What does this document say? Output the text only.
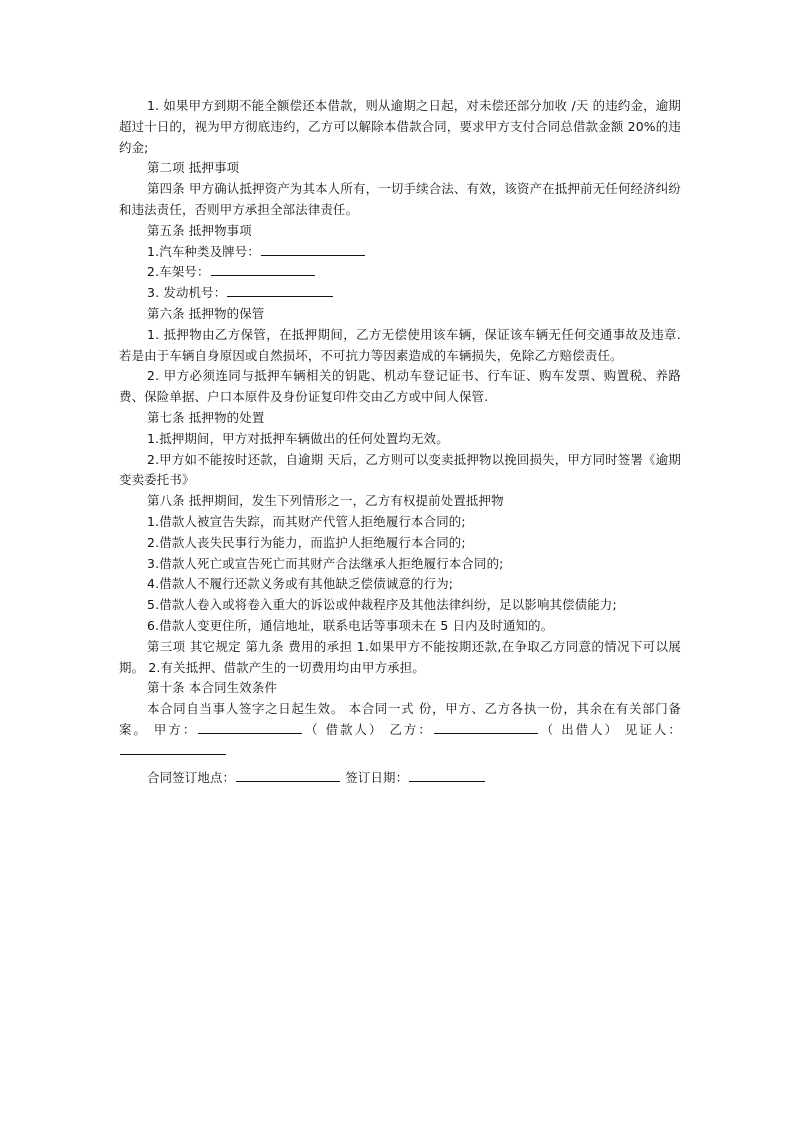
1. 如果甲方到期不能全额偿还本借款，则从逾期之日起，对未偿还部分加收 /天 的违约金，逾期超过十日的，视为甲方彻底违约，乙方可以解除本借款合同，要求甲方支付合同总借款金额 20%的违约金;

第二项 抵押事项

第四条 甲方确认抵押资产为其本人所有，一切手续合法、有效，该资产在抵押前无任何经济纠纷和违法责任，否则甲方承担全部法律责任。

第五条 抵押物事项

1.汽车种类及牌号：

2.车架号：

3. 发动机号：

第六条 抵押物的保管

1. 抵押物由乙方保管，在抵押期间，乙方无偿使用该车辆，保证该车辆无任何交通事故及违章.若是由于车辆自身原因或自然损坏，不可抗力等因素造成的车辆损失，免除乙方赔偿责任。

2. 甲方必须连同与抵押车辆相关的钥匙、机动车登记证书、行车证、购车发票、购置税、养路费、保险单据、户口本原件及身份证复印件交由乙方或中间人保管.

第七条 抵押物的处置

1.抵押期间，甲方对抵押车辆做出的任何处置均无效。

2.甲方如不能按时还款，自逾期 天后，乙方则可以变卖抵押物以挽回损失，甲方同时签署《逾期变卖委托书》

第八条 抵押期间，发生下列情形之一，乙方有权提前处置抵押物

1.借款人被宣告失踪，而其财产代管人拒绝履行本合同的;

2.借款人丧失民事行为能力，而监护人拒绝履行本合同的;

3.借款人死亡或宣告死亡而其财产合法继承人拒绝履行本合同的;

4.借款人不履行还款义务或有其他缺乏偿债诚意的行为;

5.借款人卷入或将卷入重大的诉讼或仲裁程序及其他法律纠纷，足以影响其偿债能力;

6.借款人变更住所，通信地址，联系电话等事项未在 5 日内及时通知的。

第三项 其它规定 第九条 费用的承担 1.如果甲方不能按期还款,在争取乙方同意的情况下可以展期。 2.有关抵押、借款产生的一切费用均由甲方承担。

第十条 本合同生效条件

本合同自当事人签字之日起生效。 本合同一式 份，甲方、乙方各执一份，其余在有关部门备案。 甲方：	（ 借款人） 乙方：	（ 出借人） 见证人：

合同签订地点：	签订日期：
